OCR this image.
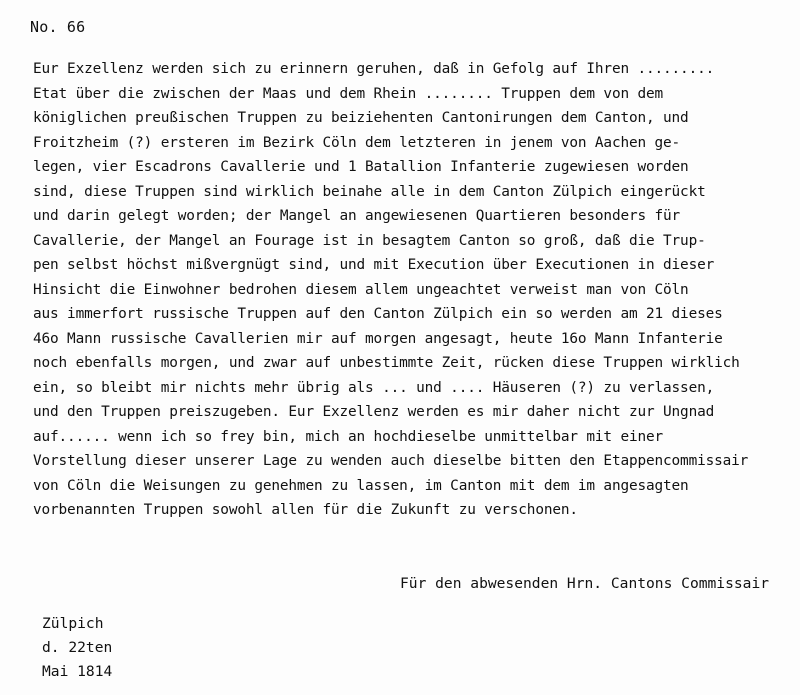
No. 66
Eur Exzellenz werden sich zu erinnern geruhen, daß in Gefolg auf Ihren .........
Etat über die zwischen der Maas und dem Rhein ........ Truppen dem von dem
königlichen preußischen Truppen zu beiziehenten Cantonirungen dem Canton, und
Froitzheim (?) ersteren im Bezirk Cöln dem letzteren in jenem von Aachen ge-
legen, vier Escadrons Cavallerie und 1 Batallion Infanterie zugewiesen worden
sind, diese Truppen sind wirklich beinahe alle in dem Canton Zülpich eingerückt
und darin gelegt worden; der Mangel an angewiesenen Quartieren besonders für
Cavallerie, der Mangel an Fourage ist in besagtem Canton so groß, daß die Trup-
pen selbst höchst mißvergnügt sind, und mit Execution über Executionen in dieser
Hinsicht die Einwohner bedrohen diesem allem ungeachtet verweist man von Cöln
aus immerfort russische Truppen auf den Canton Zülpich ein so werden am 21 dieses
46o Mann russische Cavallerien mir auf morgen angesagt, heute 16o Mann Infanterie
noch ebenfalls morgen, und zwar auf unbestimmte Zeit, rücken diese Truppen wirklich
ein, so bleibt mir nichts mehr übrig als ... und .... Häuseren (?) zu verlassen,
und den Truppen preiszugeben. Eur Exzellenz werden es mir daher nicht zur Ungnad
auf...... wenn ich so frey bin, mich an hochdieselbe unmittelbar mit einer
Vorstellung dieser unserer Lage zu wenden auch dieselbe bitten den Etappencommissair
von Cöln die Weisungen zu genehmen zu lassen, im Canton mit dem im angesagten
vorbenannten Truppen sowohl allen für die Zukunft zu verschonen.
Für den abwesenden Hrn. Cantons Commissair
Zülpich
d. 22ten
Mai 1814
